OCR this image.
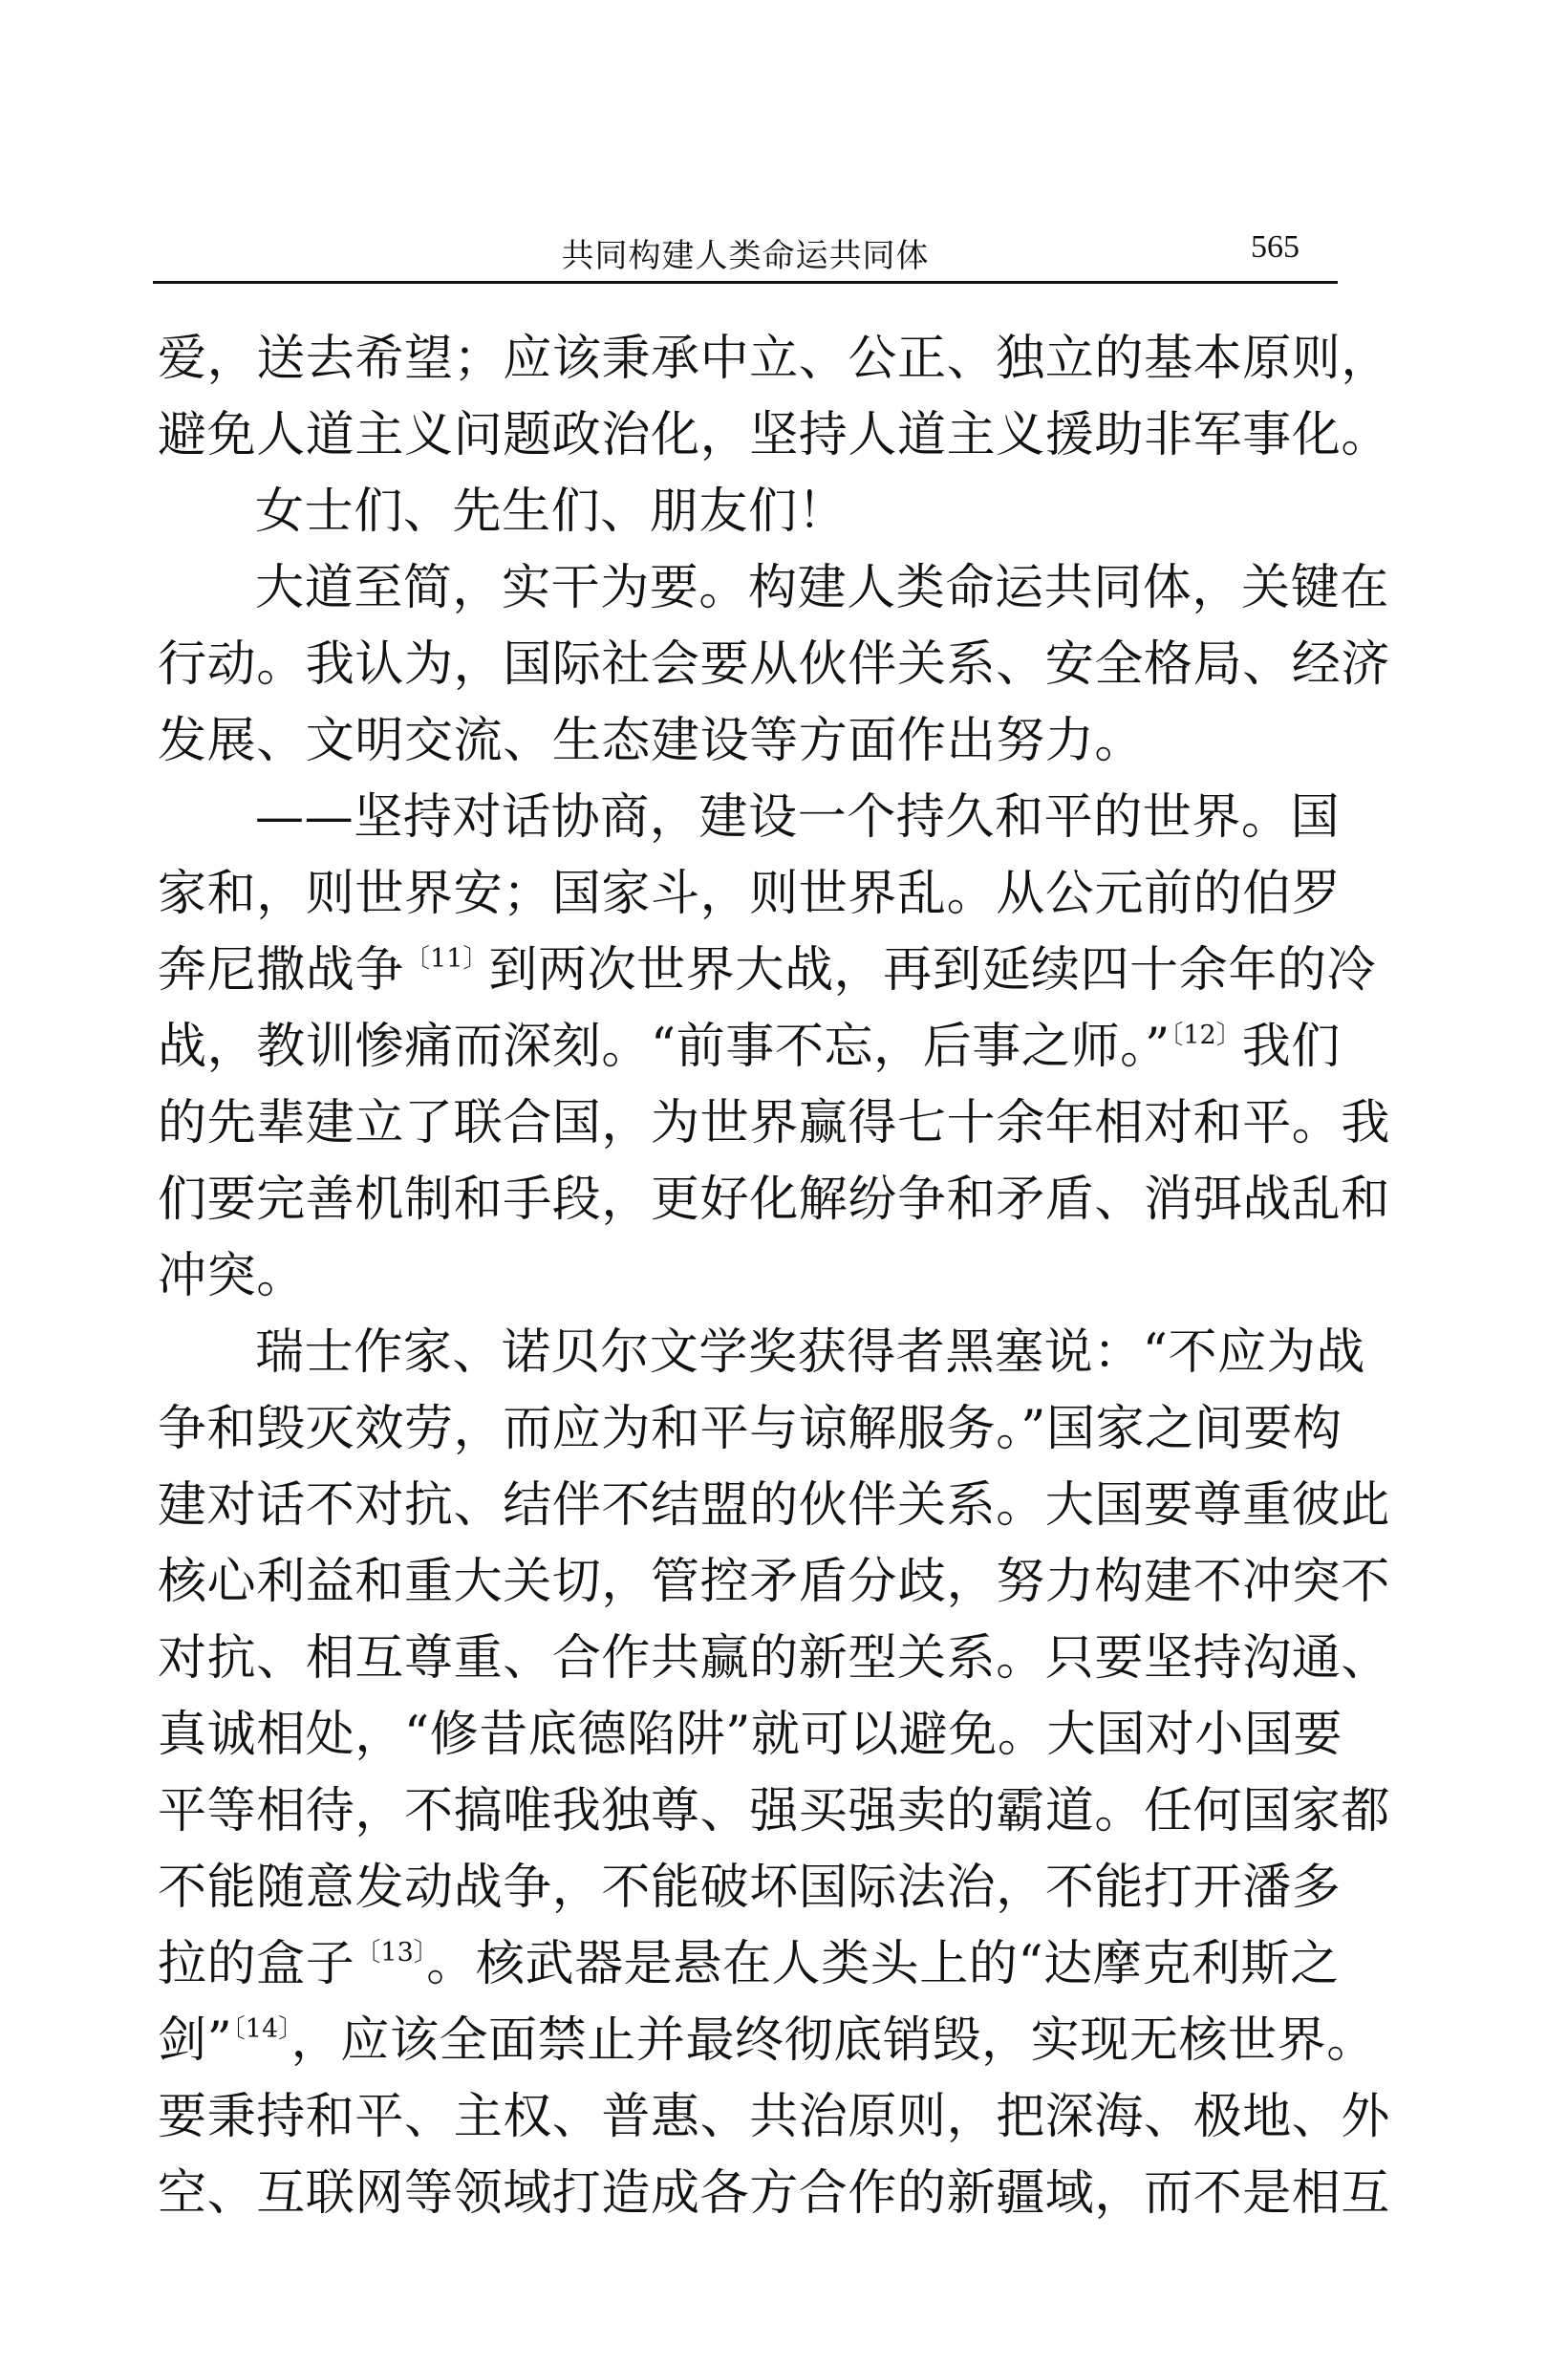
共同构建人类命运共同体	565
爱，送去希望；应该秉承中立、公正、独立的基本原则，
避免人道主义问题政治化，坚持人道主义援助非军事化。
女士们、先生们、朋友们！
大道至简，实干为要。构建人类命运共同体，关键在
行动。我认为，国际社会要从伙伴关系、安全格局、经济
发展、文明交流、生态建设等方面作出努力。
——坚持对话协商，建设一个持久和平的世界。国
家和，则世界安；国家斗，则世界乱。从公元前的伯罗
奔尼撒战争$^{〔11〕}$到两次世界大战，再到延续四十余年的冷
战，教训惨痛而深刻。“前事不忘，后事之师。”$^{〔12〕}$我们
的先辈建立了联合国，为世界赢得七十余年相对和平。我
们要完善机制和手段，更好化解纷争和矛盾、消弭战乱和
冲突。
瑞士作家、诺贝尔文学奖获得者黑塞说：“不应为战
争和毁灭效劳，而应为和平与谅解服务。”国家之间要构
建对话不对抗、结伴不结盟的伙伴关系。大国要尊重彼此
核心利益和重大关切，管控矛盾分歧，努力构建不冲突不
对抗、相互尊重、合作共赢的新型关系。只要坚持沟通、
真诚相处，“修昔底德陷阱”就可以避免。大国对小国要
平等相待，不搞唯我独尊、强买强卖的霸道。任何国家都
不能随意发动战争，不能破坏国际法治，不能打开潘多
拉的盒子$^{〔13〕}$。核武器是悬在人类头上的“达摩克利斯之
剑”$^{〔14〕}$，应该全面禁止并最终彻底销毁，实现无核世界。
要秉持和平、主权、普惠、共治原则，把深海、极地、外
空、互联网等领域打造成各方合作的新疆域，而不是相互
